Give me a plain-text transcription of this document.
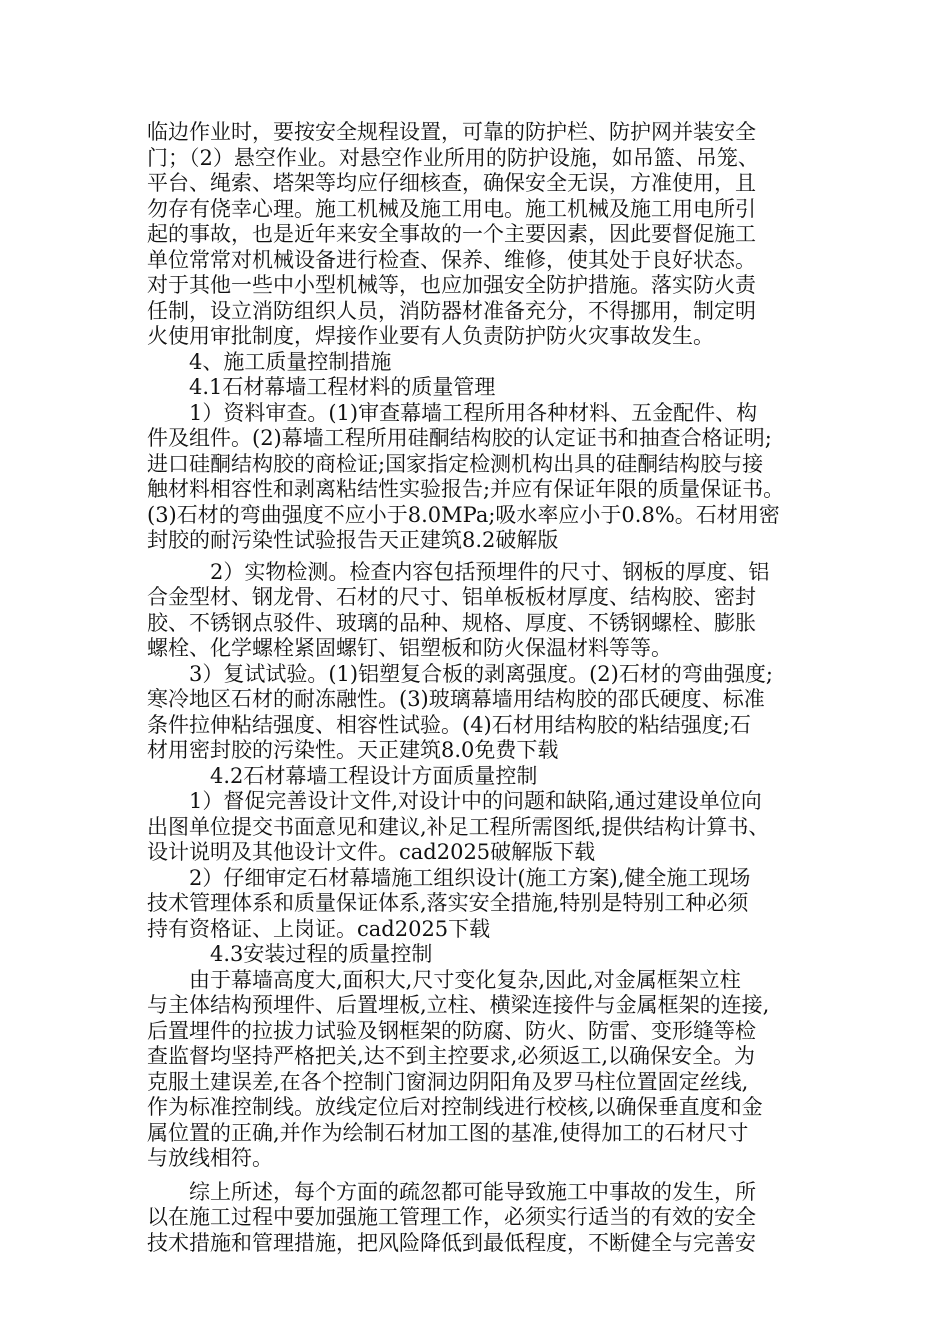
临边作业时，要按安全规程设置，可靠的防护栏、防护网并装安全
门；（2）悬空作业。对悬空作业所用的防护设施，如吊篮、吊笼、
平台、绳索、塔架等均应仔细核查，确保安全无误，方准使用，且
勿存有侥幸心理。施工机械及施工用电。施工机械及施工用电所引
起的事故，也是近年来安全事故的一个主要因素，因此要督促施工
单位常常对机械设备进行检查、保养、维修，使其处于良好状态。
对于其他一些中小型机械等，也应加强安全防护措施。落实防火责
任制，设立消防组织人员，消防器材准备充分，不得挪用，制定明
火使用审批制度，焊接作业要有人负责防护防火灾事故发生。
　　4、施工质量控制措施
　　4.1石材幕墙工程材料的质量管理
　　1）资料审查。(1)审查幕墙工程所用各种材料、五金配件、构
件及组件。(2)幕墙工程所用硅酮结构胶的认定证书和抽查合格证明;
进口硅酮结构胶的商检证;国家指定检测机构出具的硅酮结构胶与接
触材料相容性和剥离粘结性实验报告;并应有保证年限的质量保证书。
(3)石材的弯曲强度不应小于8.0MPa;吸水率应小于0.8%。石材用密
封胶的耐污染性试验报告天正建筑8.2破解版
　　　2）实物检测。检查内容包括预埋件的尺寸、钢板的厚度、铝
合金型材、钢龙骨、石材的尺寸、铝单板板材厚度、结构胶、密封
胶、不锈钢点驳件、玻璃的品种、规格、厚度、不锈钢螺栓、膨胀
螺栓、化学螺栓紧固螺钉、铝塑板和防火保温材料等等。
　　3）复试试验。(1)铝塑复合板的剥离强度。(2)石材的弯曲强度;
寒冷地区石材的耐冻融性。(3)玻璃幕墙用结构胶的邵氏硬度、标准
条件拉伸粘结强度、相容性试验。(4)石材用结构胶的粘结强度;石
材用密封胶的污染性。天正建筑8.0免费下载
　　　4.2石材幕墙工程设计方面质量控制
　　1）督促完善设计文件,对设计中的问题和缺陷,通过建设单位向
出图单位提交书面意见和建议,补足工程所需图纸,提供结构计算书、
设计说明及其他设计文件。cad2025破解版下载
　　2）仔细审定石材幕墙施工组织设计(施工方案),健全施工现场
技术管理体系和质量保证体系,落实安全措施,特别是特别工种必须
持有资格证、上岗证。cad2025下载
　　　4.3安装过程的质量控制
　　由于幕墙高度大,面积大,尺寸变化复杂,因此,对金属框架立柱
与主体结构预埋件、后置埋板,立柱、横梁连接件与金属框架的连接,
后置埋件的拉拔力试验及钢框架的防腐、防火、防雷、变形缝等检
查监督均坚持严格把关,达不到主控要求,必须返工,以确保安全。为
克服土建误差,在各个控制门窗洞边阴阳角及罗马柱位置固定丝线,
作为标准控制线。放线定位后对控制线进行校核,以确保垂直度和金
属位置的正确,并作为绘制石材加工图的基准,使得加工的石材尺寸
与放线相符。
　　综上所述，每个方面的疏忽都可能导致施工中事故的发生，所
以在施工过程中要加强施工管理工作，必须实行适当的有效的安全
技术措施和管理措施，把风险降低到最低程度，不断健全与完善安
